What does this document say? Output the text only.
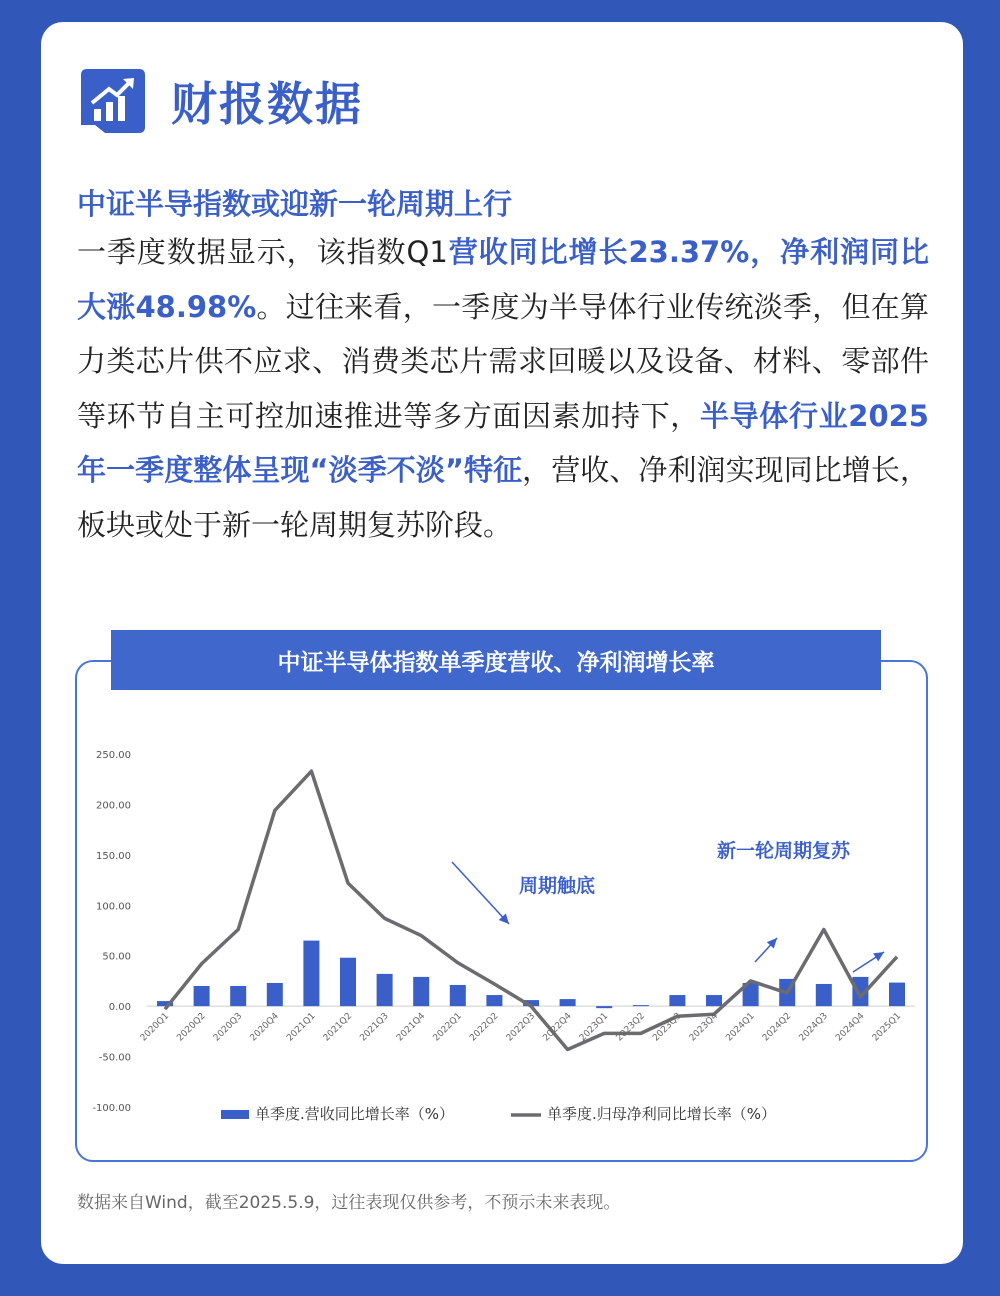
财报数据
中证半导指数或迎新一轮周期上行
一季度数据显示，该指数Q1营收同比增长23.37%，净利润同比大涨48.98%。过往来看，一季度为半导体行业传统淡季，但在算力类芯片供不应求、消费类芯片需求回暖以及设备、材料、零部件等环节自主可控加速推进等多方面因素加持下，半导体行业2025年一季度整体呈现“淡季不淡”特征，营收、净利润实现同比增长，板块或处于新一轮周期复苏阶段。
250.00
200.00
150.00
100.00
50.00
0.00
-50.00
-100.00
2020Q1 2020Q2 2020Q3 2020Q4 2021Q1 2021Q2 2021Q3 2021Q4 2022Q1 2022Q2 2022Q3 2022Q4 2023Q1 2023Q2 2023Q3 2023Q4 2024Q1 2024Q2 2024Q3 2024Q4 2025Q1
周期触底
新一轮周期复苏
单季度.营收同比增长率（%）	单季度.归母净利同比增长率（%）
中证半导体指数单季度营收、净利润增长率
数据来自Wind，截至2025.5.9，过往表现仅供参考，不预示未来表现。
